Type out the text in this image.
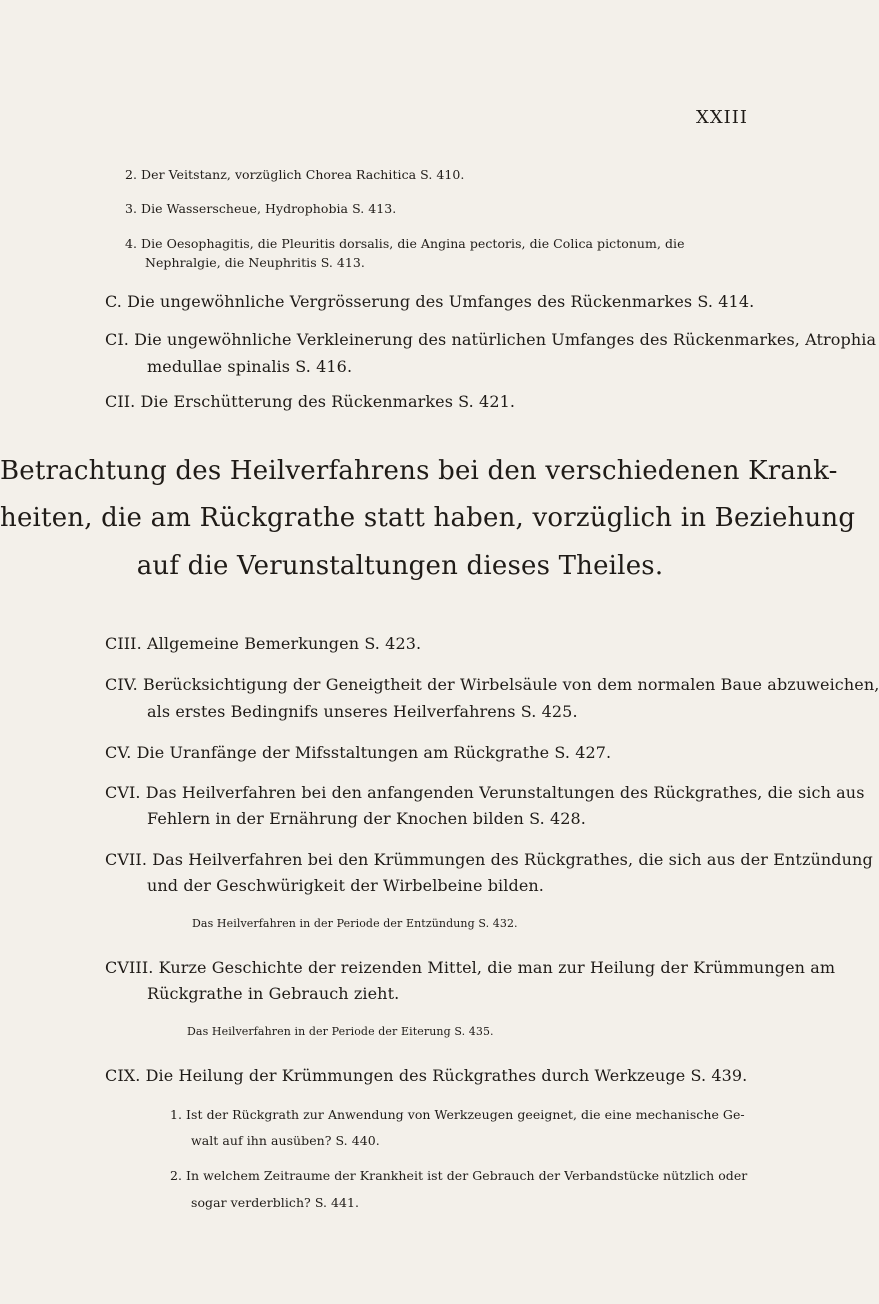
XXIII
2. Der Veitstanz, vorzüglich Chorea Rachitica S. 410.
3. Die Wasserscheue, Hydrophobia S. 413.
4. Die Oesophagitis, die Pleuritis dorsalis, die Angina pectoris, die Colica pictonum, die
Nephralgie, die Neuphritis S. 413.
C. Die ungewöhnliche Vergrösserung des Umfanges des Rückenmarkes S. 414.
CI. Die ungewöhnliche Verkleinerung des natürlichen Umfanges des Rückenmarkes, Atrophia
medullae spinalis S. 416.
CII. Die Erschütterung des Rückenmarkes S. 421.
Betrachtung des Heilverfahrens bei den verschiedenen Krank-
heiten, die am Rückgrathe statt haben, vorzüglich in Beziehung
auf die Verunstaltungen dieses Theiles.
CIII. Allgemeine Bemerkungen S. 423.
CIV. Berücksichtigung der Geneigtheit der Wirbelsäule von dem normalen Baue abzuweichen,
als erstes Bedingnifs unseres Heilverfahrens S. 425.
CV. Die Uranfänge der Mifsstaltungen am Rückgrathe S. 427.
CVI. Das Heilverfahren bei den anfangenden Verunstaltungen des Rückgrathes, die sich aus
Fehlern in der Ernährung der Knochen bilden S. 428.
CVII. Das Heilverfahren bei den Krümmungen des Rückgrathes, die sich aus der Entzündung
und der Geschwürigkeit der Wirbelbeine bilden.
Das Heilverfahren in der Periode der Entzündung S. 432.
CVIII. Kurze Geschichte der reizenden Mittel, die man zur Heilung der Krümmungen am
Rückgrathe in Gebrauch zieht.
Das Heilverfahren in der Periode der Eiterung S. 435.
CIX. Die Heilung der Krümmungen des Rückgrathes durch Werkzeuge S. 439.
1. Ist der Rückgrath zur Anwendung von Werkzeugen geeignet, die eine mechanische Ge-
walt auf ihn ausüben? S. 440.
2. In welchem Zeitraume der Krankheit ist der Gebrauch der Verbandstücke nützlich oder
sogar verderblich? S. 441.
